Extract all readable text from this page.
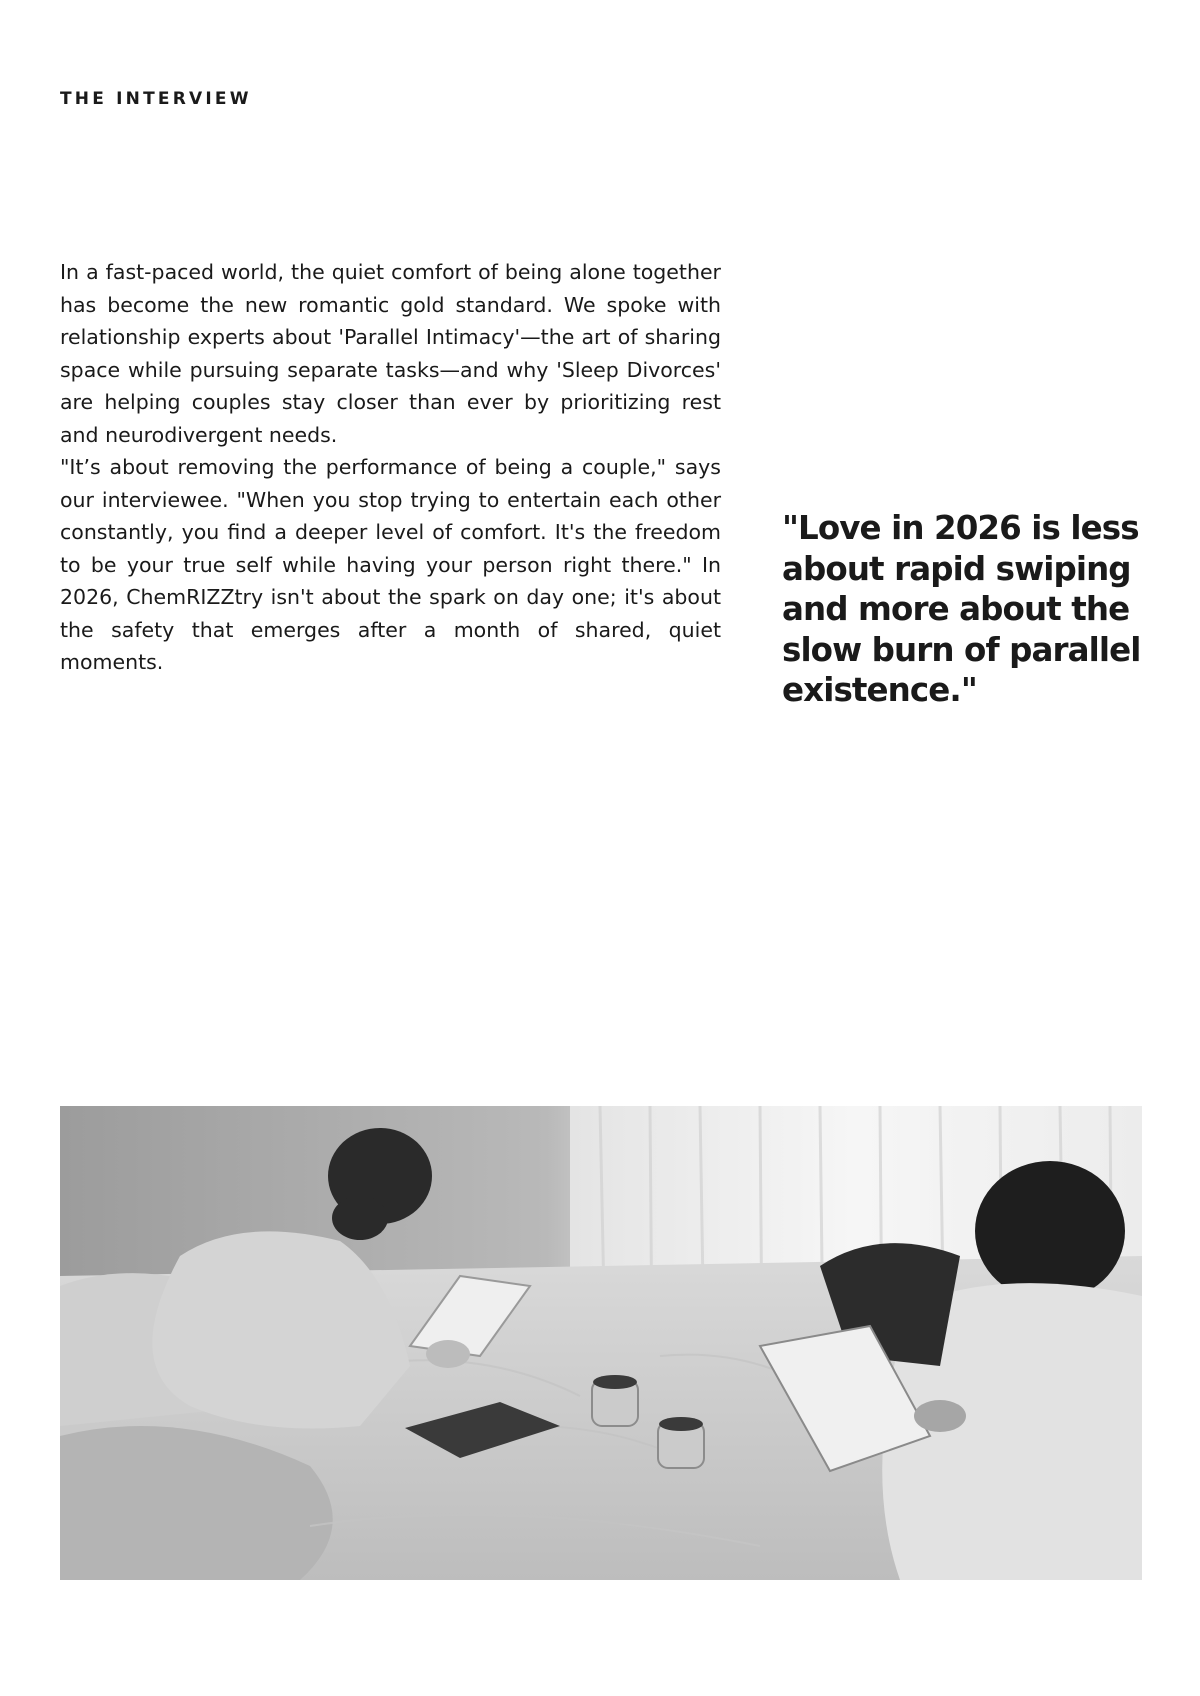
THE INTERVIEW

In a fast-paced world, the quiet comfort of being alone together has become the new romantic gold standard. We spoke with relationship experts about 'Parallel Intimacy'—the art of sharing space while pursuing separate tasks—and why 'Sleep Divorces' are helping couples stay closer than ever by prioritizing rest and neurodivergent needs.

"It’s about removing the performance of being a couple," says our interviewee. "When you stop trying to entertain each other constantly, you find a deeper level of comfort. It's the freedom to be your true self while having your person right there." In 2026, ChemRIZZtry isn't about the spark on day one; it's about the safety that emerges after a month of shared, quiet moments.

"Love in 2026 is less about rapid swiping and more about the slow burn of parallel existence."
